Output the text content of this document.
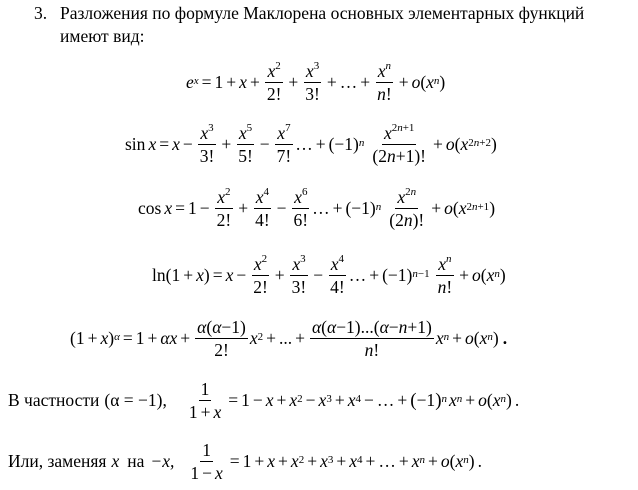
3. Разложения по формуле Маклорена основных элементарных функций
имеют вид:
$e^x = 1 + x + \frac{x^2}{2!} + \frac{x^3}{3!}$ + … + $\frac{x^n}{n!} + o$ ( $x^n$ )
$\sin x = x - \frac{x^3}{3!} + \frac{x^5}{5!} - \frac{x^7}{7!}$ … + $(-1)^n \frac{x^{2n+1}}{(2n+1)!} + o$ ( $x^{2n+2}$ )
$\cos x = 1 - \frac{x^2}{2!} + \frac{x^4}{4!} - \frac{x^6}{6!}$ … + $(-1)^n \frac{x^{2n}}{(2n)!} + o$ ( $x^{2n+1}$ )
ln(1 + x ) = $x - \frac{x^2}{2!} + \frac{x^3}{3!} - \frac{x^4}{4!}$ … + (−1) $^{n-1} \frac{x^n}{n!} + o$ ( $x^n$ )
(1 + x )$^\alpha = 1 + \alpha x + \frac{\alpha(\alpha-1)}{2!} x^2$ + ... + $\frac{\alpha(\alpha-1)...(\alpha-n+1)}{n!} x^n + o$ ( $x^n$ ) .
В частности (α = −1), $\frac{1}{1 + x} = 1 - x + x^2 - x^3 + x^4$ − … + ( −1 )$^n$ $x^n + o$ ( $x^n$ ) .
Или, заменяя x на −x, $\frac{1}{1 - x} = 1 + x + x^2 + x^3 + x^4$ + … + $x^n + o$ ( $x^n$ ) .
